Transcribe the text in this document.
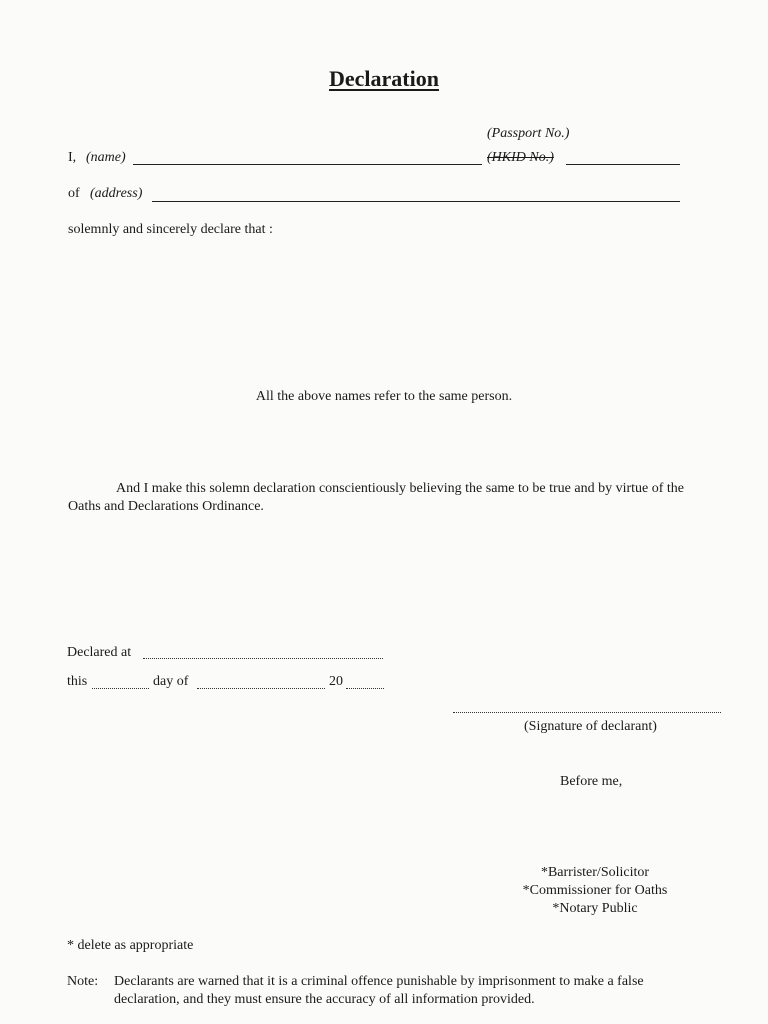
Declaration
(Passport No.)
I, (name)	(HKID No.)
of (address)
solemnly and sincerely declare that :
All the above names refer to the same person.
And I make this solemn declaration conscientiously believing the same to be true and by virtue of the Oaths and Declarations Ordinance.
Declared at
this	day of	20
(Signature of declarant)
Before me,
*Barrister/Solicitor
*Commissioner for Oaths
*Notary Public
* delete as appropriate
Note: Declarants are warned that it is a criminal offence punishable by imprisonment to make a false
declaration, and they must ensure the accuracy of all information provided.
